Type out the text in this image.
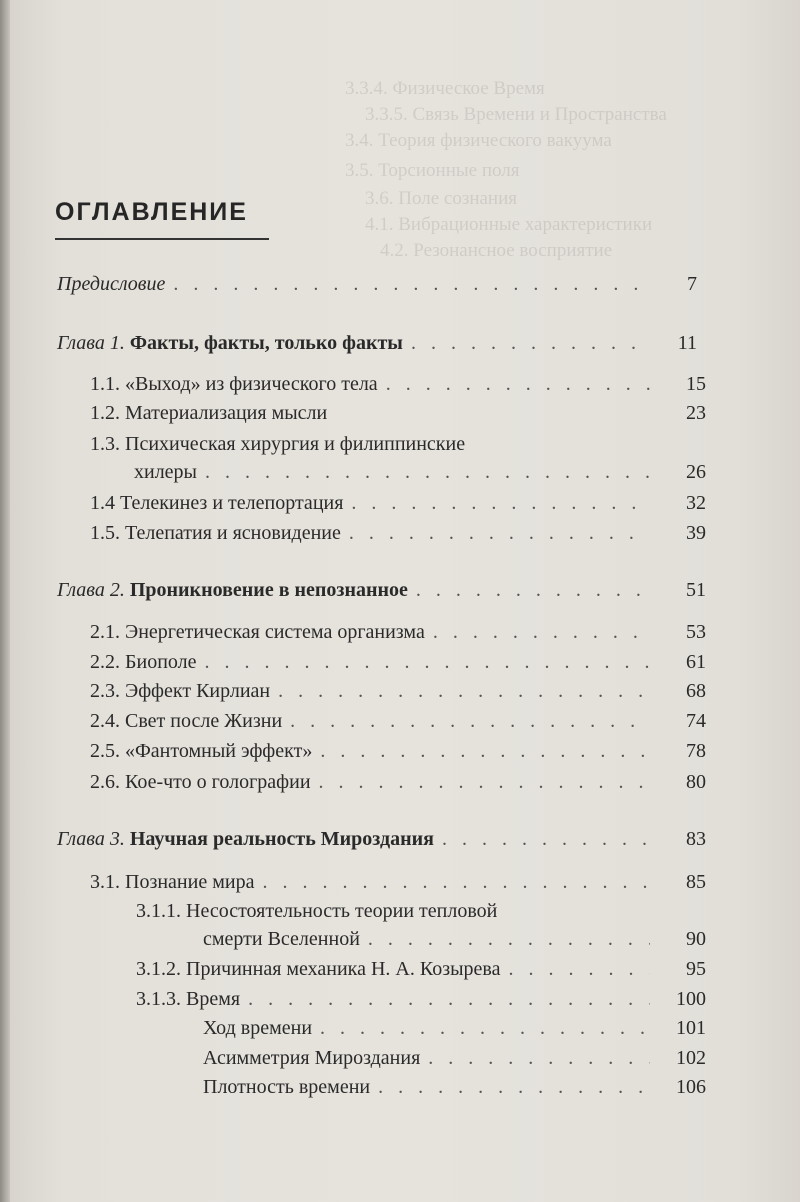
3.3.4. Физическое Время
3.3.5. Связь Времени и Пространства
3.4. Теория физического вакуума
3.5. Торсионные поля
3.6. Поле сознания
4.1. Вибрационные характеристики
4.2. Резонансное восприятие
ОГЛАВЛЕНИЕ
Предисловие . . .	7
Глава 1. Факты, факты, только факты . . .	11
1.1. «Выход» из физического тела . . .	15
1.2. Материализация мысли	23
1.3. Психическая хирургия и филиппинские
хилеры . . .	26
1.4 Телекинез и телепортация . . .	32
1.5. Телепатия и ясновидение . . .	39
Глава 2. Проникновение в непознанное . . .	51
2.1. Энергетическая система организма . . .	53
2.2. Биополе . . .	61
2.3. Эффект Кирлиан . . .	68
2.4. Свет после Жизни . . .	74
2.5. «Фантомный эффект» . . .	78
2.6. Кое-что о голографии . . .	80
Глава 3. Научная реальность Мироздания . . .	83
3.1. Познание мира . . .	85
3.1.1. Несостоятельность теории тепловой
смерти Вселенной . . .	90
3.1.2. Причинная механика Н. А. Козырева . . .	95
3.1.3. Время . . .	100
Ход времени . . .	101
Асимметрия Мироздания . . .	102
Плотность времени . . .	106
